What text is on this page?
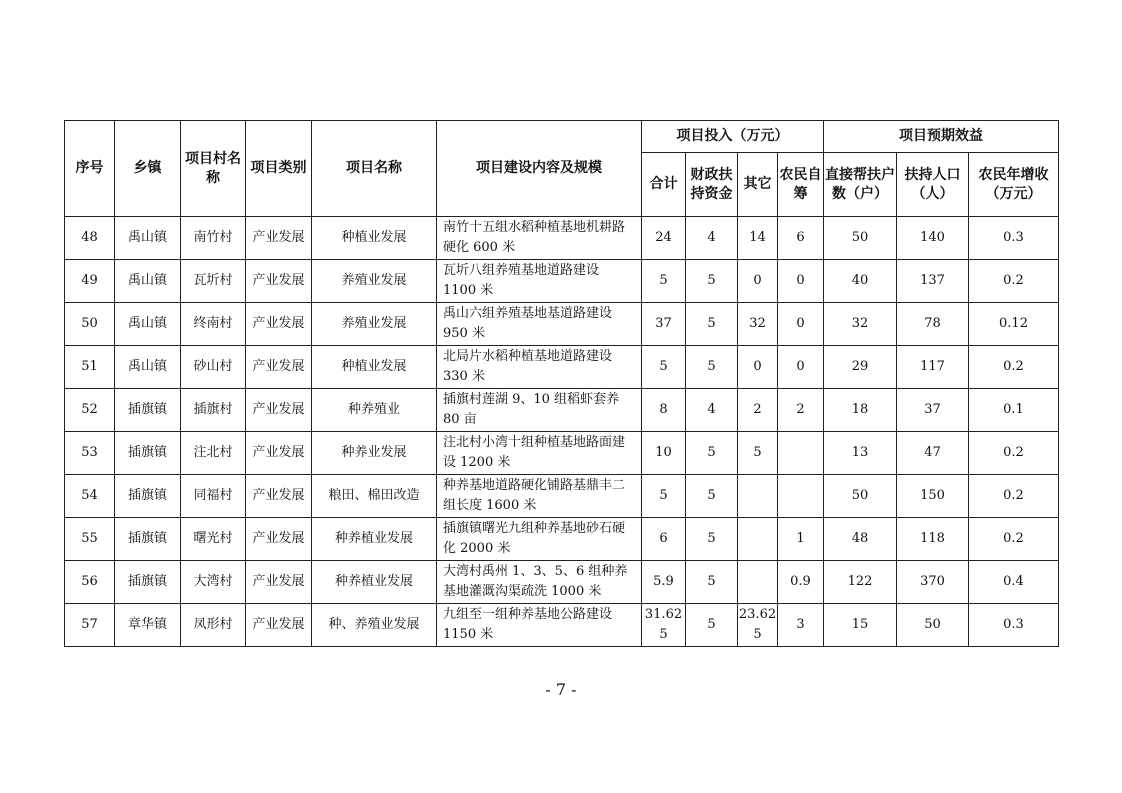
序号	乡镇	项目村名称	项目类别	项目名称	项目建设内容及规模	项目投入（万元）				项目预期效益		
						合计	财政扶持资金	其它	农民自筹	直接帮扶户数（户）	扶持人口（人）	农民年增收（万元）
48	禹山镇	南竹村	产业发展	种植业发展	南竹十五组水稻种植基地机耕路硬化 600 米	24	4	14	6	50	140	0.3
49	禹山镇	瓦圻村	产业发展	养殖业发展	瓦圻八组养殖基地道路建设 1100 米	5	5	0	0	40	137	0.2
50	禹山镇	终南村	产业发展	养殖业发展	禹山六组养殖基地基道路建设 950 米	37	5	32	0	32	78	0.12
51	禹山镇	砂山村	产业发展	种植业发展	北局片水稻种植基地道路建设 330 米	5	5	0	0	29	117	0.2
52	插旗镇	插旗村	产业发展	种养殖业	插旗村莲湖 9、10 组稻虾套养 80 亩	8	4	2	2	18	37	0.1
53	插旗镇	注北村	产业发展	种养业发展	注北村小湾十组种植基地路面建设 1200 米	10	5	5		13	47	0.2
54	插旗镇	同福村	产业发展	粮田、棉田改造	种养基地道路硬化铺路基鼎丰二组长度 1600 米	5	5			50	150	0.2
55	插旗镇	曙光村	产业发展	种养植业发展	插旗镇曙光九组种养基地砂石硬化 2000 米	6	5		1	48	118	0.2
56	插旗镇	大湾村	产业发展	种养植业发展	大湾村禹州 1、3、5、6 组种养基地灌溉沟渠疏洗 1000 米	5.9	5		0.9	122	370	0.4
57	章华镇	凤形村	产业发展	种、养殖业发展	九组至一组种养基地公路建设 1150 米	31.625	5	23.625	3	15	50	0.3
- 7 -
